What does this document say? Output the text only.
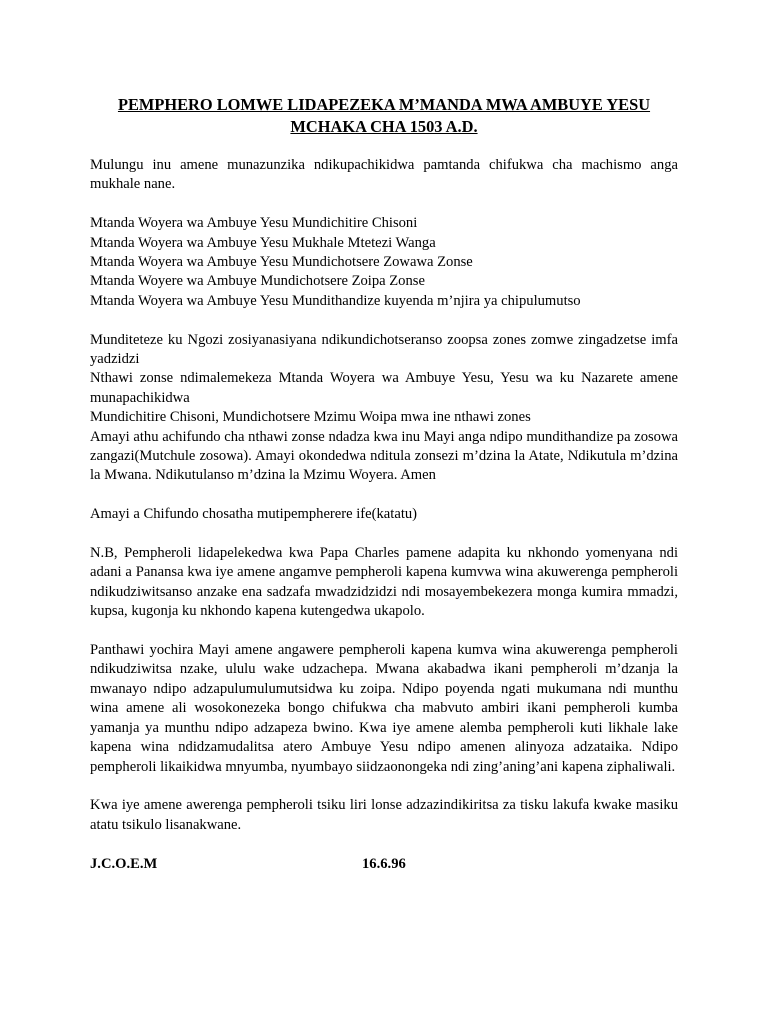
PEMPHERO LOMWE LIDAPEZEKA M’MANDA MWA AMBUYE YESU
MCHAKA CHA 1503 A.D.

Mulungu inu amene munazunzika ndikupachikidwa pamtanda chifukwa cha machismo anga mukhale nane.

Mtanda Woyera wa Ambuye Yesu Mundichitire Chisoni
Mtanda Woyera wa Ambuye Yesu Mukhale Mtetezi Wanga
Mtanda Woyera wa Ambuye Yesu Mundichotsere Zowawa Zonse
Mtanda Woyere wa Ambuye Mundichotsere Zoipa Zonse
Mtanda Woyera wa Ambuye Yesu Mundithandize kuyenda m’njira ya chipulumutso

Munditeteze ku Ngozi zosiyanasiyana ndikundichotseranso zoopsa zones zomwe zingadzetse imfa yadzidzi

Nthawi zonse ndimalemekeza Mtanda Woyera wa Ambuye Yesu, Yesu wa ku Nazarete amene munapachikidwa

Mundichitire Chisoni, Mundichotsere Mzimu Woipa mwa ine nthawi zones

Amayi athu achifundo cha nthawi zonse ndadza kwa inu Mayi anga ndipo mundithandize pa zosowa zangazi(Mutchule zosowa). Amayi okondedwa nditula zonsezi m’dzina la Atate, Ndikutula m’dzina la Mwana. Ndikutulanso m’dzina la Mzimu Woyera. Amen

Amayi a Chifundo chosatha mutipempherere ife(katatu)

N.B, Pempheroli lidapelekedwa kwa Papa Charles pamene adapita ku nkhondo yomenyana ndi adani a Panansa kwa iye amene angamve pempheroli kapena kumvwa wina akuwerenga pempheroli ndikudziwitsanso anzake ena sadzafa mwadzidzidzi ndi mosayembekezera monga kumira mmadzi, kupsa, kugonja ku nkhondo kapena kutengedwa ukapolo.

Panthawi yochira Mayi amene angawere pempheroli kapena kumva wina akuwerenga pempheroli ndikudziwitsa nzake, ululu wake udzachepa. Mwana akabadwa ikani pempheroli m’dzanja la mwanayo ndipo adzapulumulumutsidwa ku zoipa. Ndipo poyenda ngati mukumana ndi munthu wina amene ali wosokonezeka bongo chifukwa cha mabvuto ambiri ikani pempheroli kumba yamanja ya munthu ndipo adzapeza bwino. Kwa iye amene alemba pempheroli kuti likhale lake kapena wina ndidzamudalitsa atero Ambuye Yesu ndipo amenen alinyoza adzataika. Ndipo pempheroli likaikidwa mnyumba, nyumbayo siidzaonongeka ndi zing’aning’ani kapena ziphaliwali.

Kwa iye amene awerenga pempheroli tsiku liri lonse adzazindikiritsa za tisku lakufa kwake masiku atatu tsikulo lisanakwane.

J.C.O.E.M	16.6.96
